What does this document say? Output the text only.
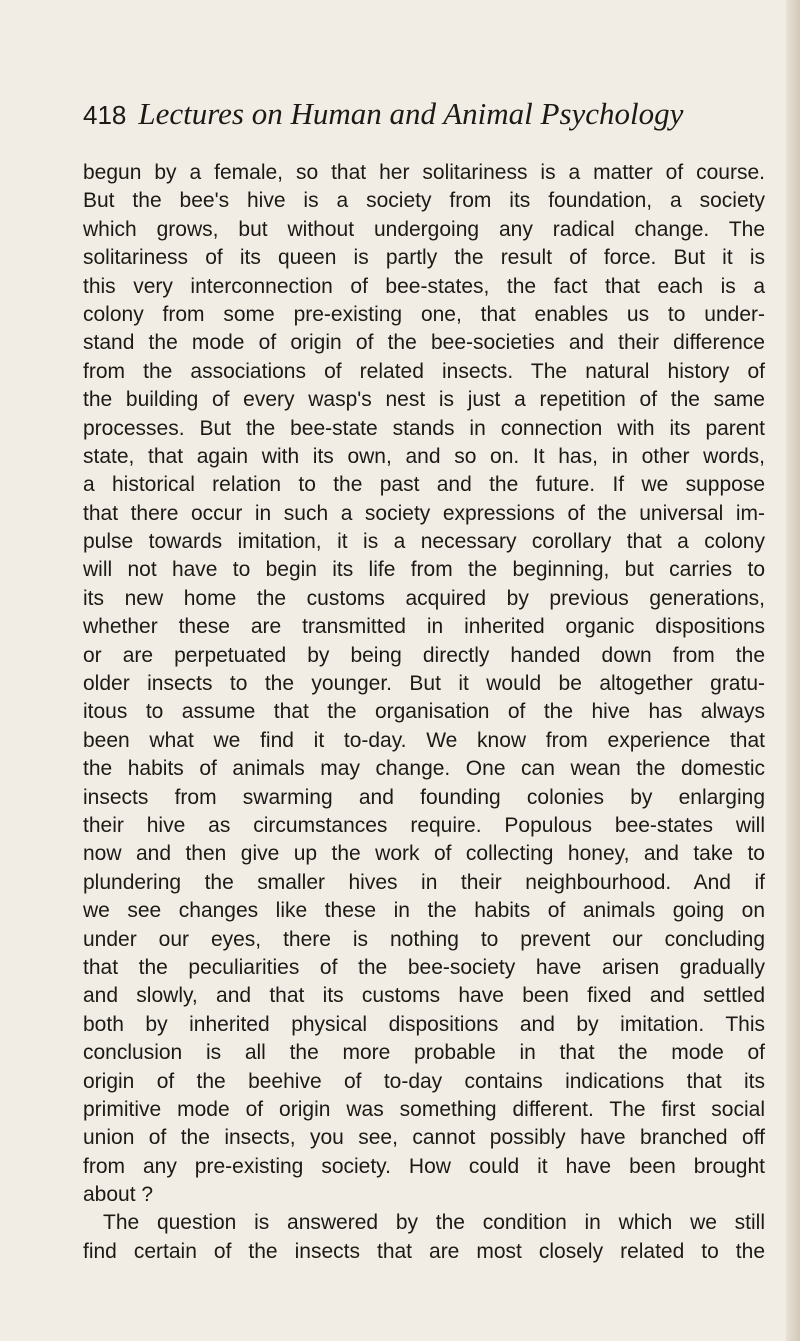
418 Lectures on Human and Animal Psychology
begun by a female, so that her solitariness is a matter of course.
But the bee's hive is a society from its foundation, a society
which grows, but without undergoing any radical change. The
solitariness of its queen is partly the result of force. But it is
this very interconnection of bee-states, the fact that each is a
colony from some pre-existing one, that enables us to under-
stand the mode of origin of the bee-societies and their difference
from the associations of related insects. The natural history of
the building of every wasp's nest is just a repetition of the same
processes. But the bee-state stands in connection with its parent
state, that again with its own, and so on. It has, in other words,
a historical relation to the past and the future. If we suppose
that there occur in such a society expressions of the universal im-
pulse towards imitation, it is a necessary corollary that a colony
will not have to begin its life from the beginning, but carries to
its new home the customs acquired by previous generations,
whether these are transmitted in inherited organic dispositions
or are perpetuated by being directly handed down from the
older insects to the younger. But it would be altogether gratu-
itous to assume that the organisation of the hive has always
been what we find it to-day. We know from experience that
the habits of animals may change. One can wean the domestic
insects from swarming and founding colonies by enlarging
their hive as circumstances require. Populous bee-states will
now and then give up the work of collecting honey, and take to
plundering the smaller hives in their neighbourhood. And if
we see changes like these in the habits of animals going on
under our eyes, there is nothing to prevent our concluding
that the peculiarities of the bee-society have arisen gradually
and slowly, and that its customs have been fixed and settled
both by inherited physical dispositions and by imitation. This
conclusion is all the more probable in that the mode of
origin of the beehive of to-day contains indications that its
primitive mode of origin was something different. The first social
union of the insects, you see, cannot possibly have branched off
from any pre-existing society. How could it have been brought
about ?
The question is answered by the condition in which we still
find certain of the insects that are most closely related to the
